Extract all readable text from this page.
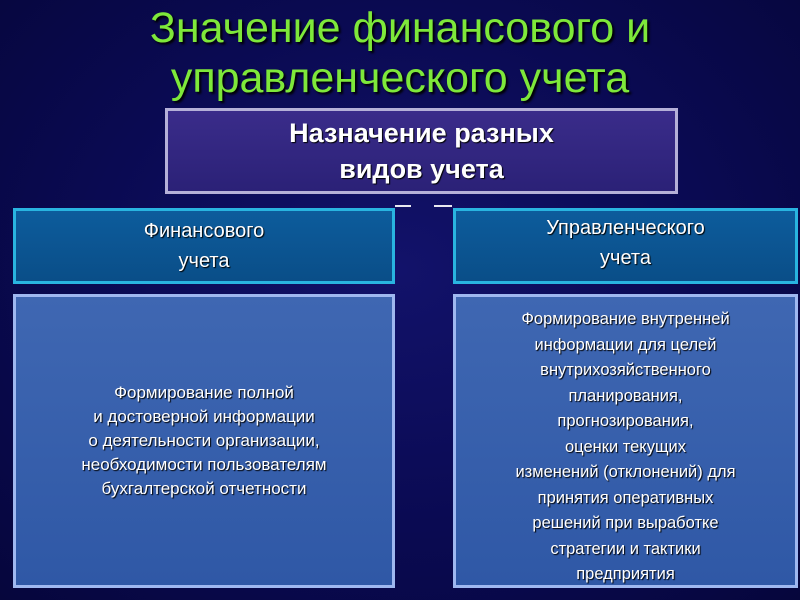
Значение финансового и
управленческого учета
Назначение разных
видов учета
Финансового
учета
Управленческого
учета
Формирование полной
и достоверной информации
о деятельности организации,
необходимости пользователям
бухгалтерской отчетности
Формирование внутренней
информации для целей
внутрихозяйственного
планирования,
прогнозирования,
оценки текущих
изменений (отклонений) для
принятия оперативных
решений при выработке
стратегии и тактики
предприятия
